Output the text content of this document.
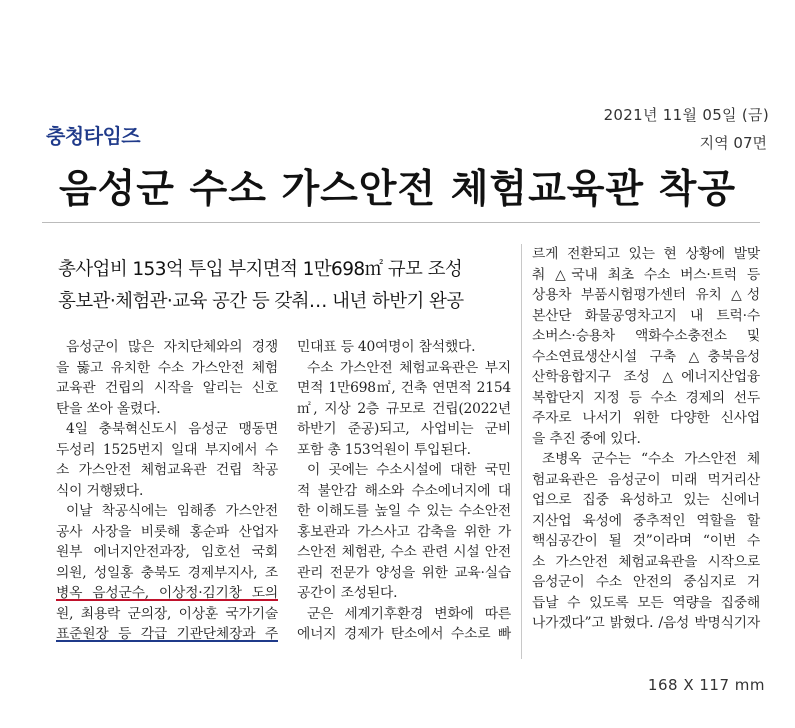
2021년 11월 05일 (금)
지역 07면
충청타임즈
음성군 수소 가스안전 체험교육관 착공
총사업비 153억 투입 부지면적 1만698㎡ 규모 조성
홍보관·체험관·교육 공간 등 갖춰… 내년 하반기 완공
음성군이 많은 자치단체와의 경쟁
을 뚫고 유치한 수소 가스안전 체험
교육관 건립의 시작을 알리는 신호
탄을 쏘아 올렸다.
4일 충북혁신도시 음성군 맹동면
두성리 1525번지 일대 부지에서 수
소 가스안전 체험교육관 건립 착공
식이 거행됐다.
이날 착공식에는 임해종 가스안전
공사 사장을 비롯해 홍순파 산업자
원부 에너지안전과장, 임호선 국회
의원, 성일홍 충북도 경제부지사, 조
병옥 음성군수, 이상정·김기창 도의
원, 최용락 군의장, 이상훈 국가기술
표준원장 등 각급 기관단체장과 주
민대표 등 40여명이 참석했다.
수소 가스안전 체험교육관은 부지
면적 1만698㎡, 건축 연면적 2154
㎡, 지상 2층 규모로 건립(2022년
하반기 준공)되고, 사업비는 군비
포함 총 153억원이 투입된다.
이 곳에는 수소시설에 대한 국민
적 불안감 해소와 수소에너지에 대
한 이해도를 높일 수 있는 수소안전
홍보관과 가스사고 감축을 위한 가
스안전 체험관, 수소 관련 시설 안전
관리 전문가 양성을 위한 교육·실습
공간이 조성된다.
군은 세계기후환경 변화에 따른
에너지 경제가 탄소에서 수소로 빠
르게 전환되고 있는 현 상황에 발맞
춰 △국내 최초 수소 버스·트럭 등
상용차 부품시험평가센터 유치 △성
본산단 화물공영차고지 내 트럭·수
소버스·승용차 액화수소충전소 및
수소연료생산시설 구축 △충북음성
산학융합지구 조성 △에너지산업융
복합단지 지정 등 수소 경제의 선두
주자로 나서기 위한 다양한 신사업
을 추진 중에 있다.
조병옥 군수는 “수소 가스안전 체
험교육관은 음성군이 미래 먹거리산
업으로 집중 육성하고 있는 신에너
지산업 육성에 중추적인 역할을 할
핵심공간이 될 것”이라며 “이번 수
소 가스안전 체험교육관을 시작으로
음성군이 수소 안전의 중심지로 거
듭날 수 있도록 모든 역량을 집중해
나가겠다”고 밝혔다. /음성 박명식기자
168 X 117 mm
